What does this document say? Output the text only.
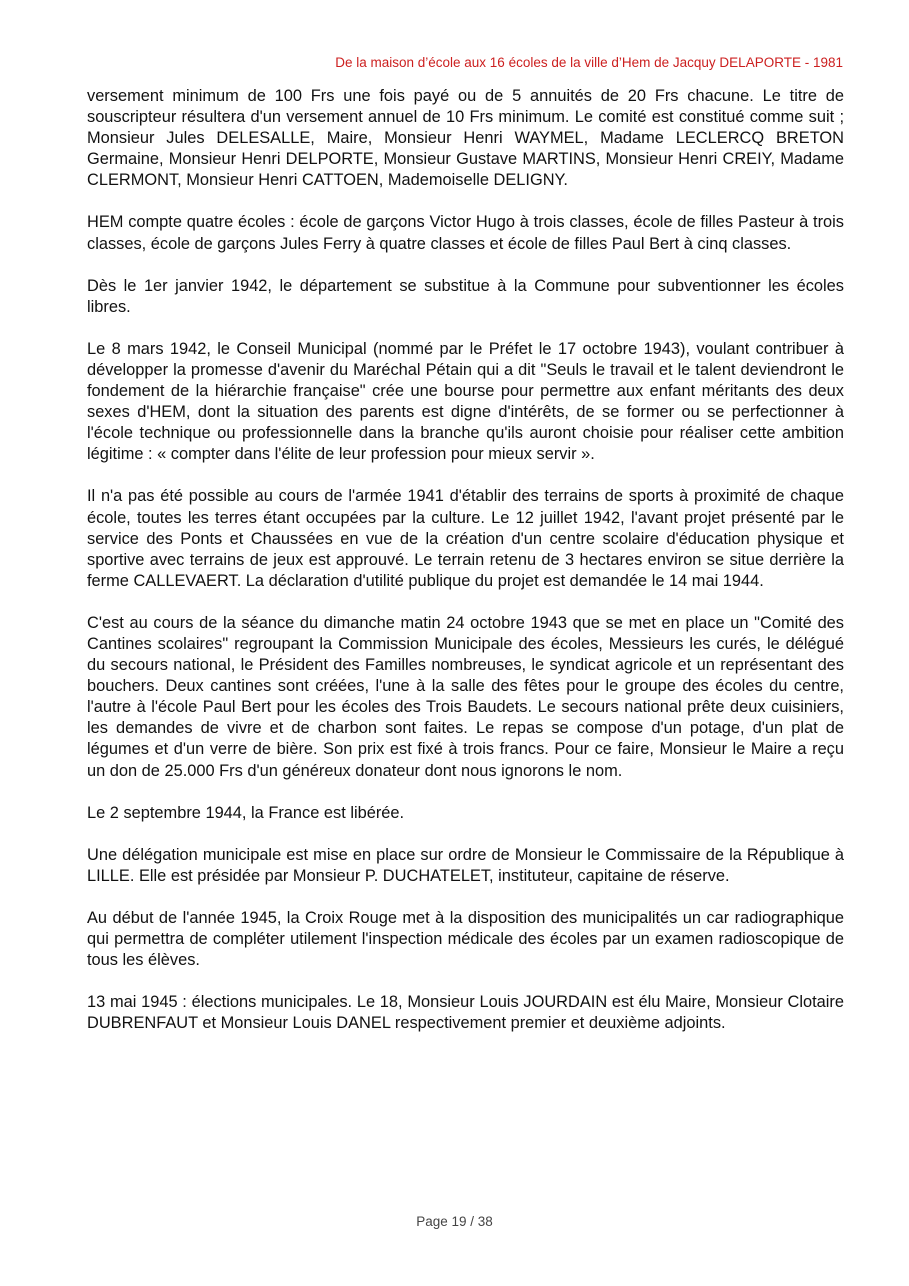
De la maison d’école aux 16 écoles de la ville d’Hem de Jacquy DELAPORTE - 1981

versement minimum de 100 Frs une fois payé ou de 5 annuités de 20 Frs chacune. Le titre de souscripteur résultera d'un versement annuel de 10 Frs minimum. Le comité est constitué comme suit ; Monsieur Jules DELESALLE, Maire, Monsieur Henri WAYMEL, Madame LECLERCQ BRETON Germaine, Monsieur Henri DELPORTE, Monsieur Gustave MARTINS, Monsieur Henri CREIY, Madame CLERMONT, Monsieur Henri CATTOEN, Mademoiselle DELIGNY.

HEM compte quatre écoles : école de garçons Victor Hugo à trois classes, école de filles Pasteur à trois classes, école de garçons Jules Ferry à quatre classes et école de filles Paul Bert à cinq classes.

Dès le 1er janvier 1942, le département se substitue à la Commune pour subventionner les écoles libres.

Le 8 mars 1942, le Conseil Municipal (nommé par le Préfet le 17 octobre 1943), voulant contribuer à développer la promesse d'avenir du Maréchal Pétain qui a dit "Seuls le travail et le talent deviendront le fondement de la hiérarchie française" crée une bourse pour permettre aux enfant méritants des deux sexes d'HEM, dont la situation des parents est digne d'intérêts, de se former ou se perfectionner à l'école technique ou professionnelle dans la branche qu'ils auront choisie pour réaliser cette ambition légitime : « compter dans l'élite de leur profession pour mieux servir ».

Il n'a pas été possible au cours de l'armée 1941 d'établir des terrains de sports à proximité de chaque école, toutes les terres étant occupées par la culture. Le 12 juillet 1942, l'avant projet présenté par le service des Ponts et Chaussées en vue de la création d'un centre scolaire d'éducation physique et sportive avec terrains de jeux est approuvé. Le terrain retenu de 3 hectares environ se situe derrière la ferme CALLEVAERT. La déclaration d'utilité publique du projet est demandée le 14 mai 1944.

C'est au cours de la séance du dimanche matin 24 octobre 1943 que se met en place un "Comité des Cantines scolaires" regroupant la Commission Municipale des écoles, Messieurs les curés, le délégué du secours national, le Président des Familles nombreuses, le syndicat agricole et un représentant des bouchers. Deux cantines sont créées, l'une à la salle des fêtes pour le groupe des écoles du centre, l'autre à l'école Paul Bert pour les écoles des Trois Baudets. Le secours national prête deux cuisiniers, les demandes de vivre et de charbon sont faites. Le repas se compose d'un potage, d'un plat de légumes et d'un verre de bière. Son prix est fixé à trois francs. Pour ce faire, Monsieur le Maire a reçu un don de 25.000 Frs d'un généreux donateur dont nous ignorons le nom.

Le 2 septembre 1944, la France est libérée.

Une délégation municipale est mise en place sur ordre de Monsieur le Commissaire de la République à LILLE. Elle est présidée par Monsieur P. DUCHATELET, instituteur, capitaine de réserve.

Au début de l'année 1945, la Croix Rouge met à la disposition des municipalités un car radiographique qui permettra de compléter utilement l'inspection médicale des écoles par un examen radioscopique de tous les élèves.

13 mai 1945 : élections municipales. Le 18, Monsieur Louis JOURDAIN est élu Maire, Monsieur Clotaire DUBRENFAUT et Monsieur Louis DANEL respectivement premier et deuxième adjoints.

Page 19 / 38
